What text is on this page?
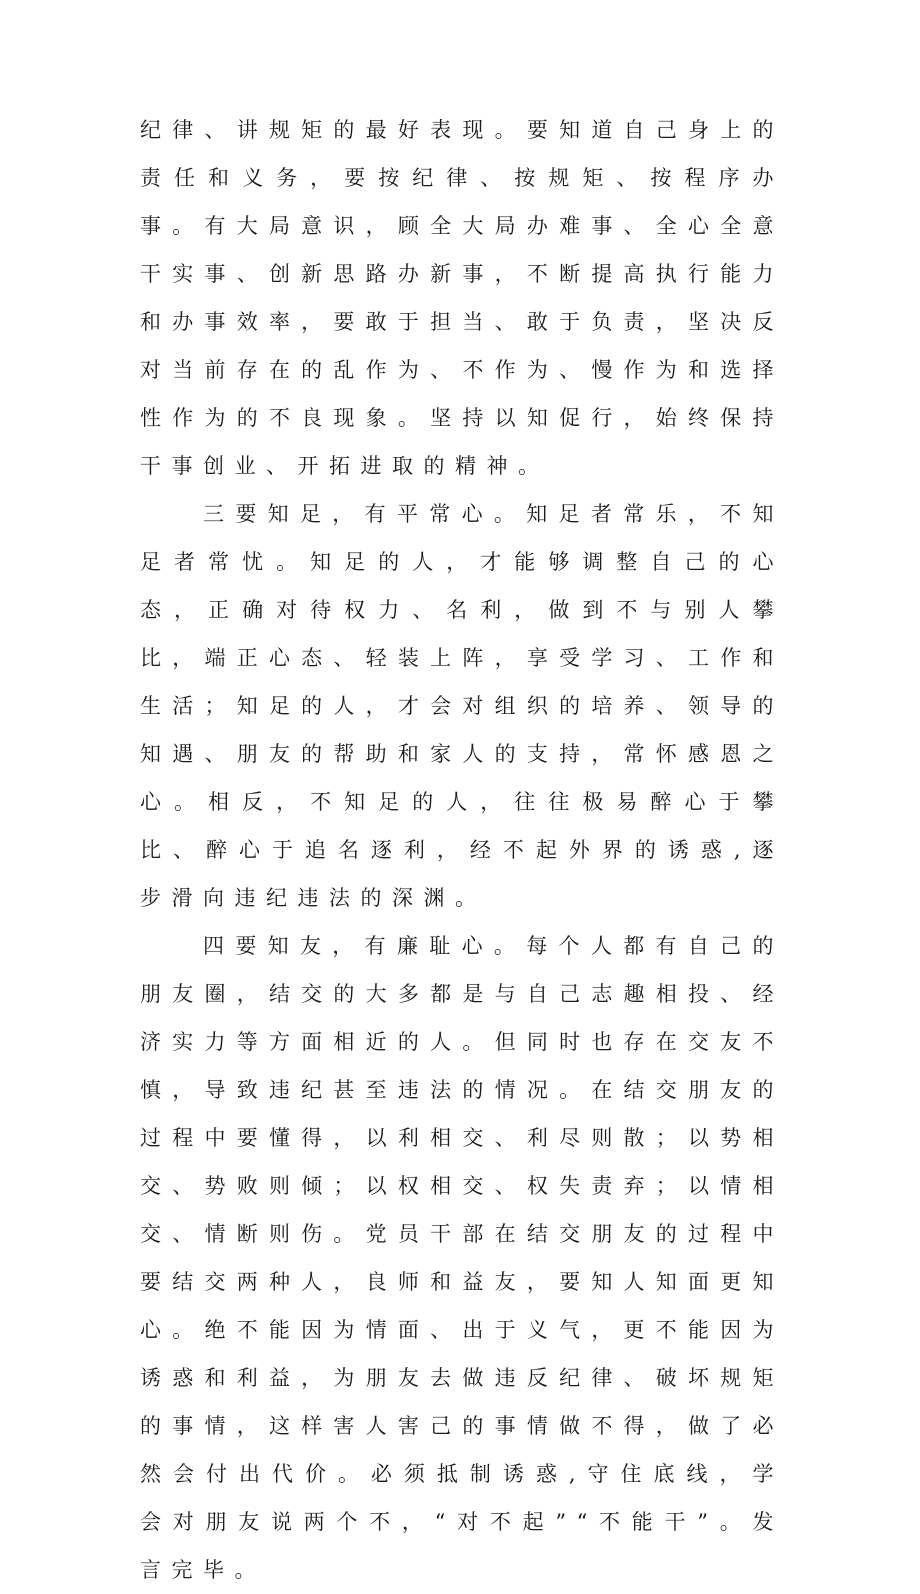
纪律、讲规矩的最好表现。要知道自己身上的责任和义务，要按纪律、按规矩、按程序办事。有大局意识，顾全大局办难事、全心全意干实事、创新思路办新事，不断提高执行能力和办事效率，要敢于担当、敢于负责，坚决反对当前存在的乱作为、不作为、慢作为和选择性作为的不良现象。坚持以知促行，始终保持干事创业、开拓进取的精神。

三要知足，有平常心。知足者常乐，不知足者常忧。知足的人，才能够调整自己的心态，正确对待权力、名利，做到不与别人攀比，端正心态、轻装上阵，享受学习、工作和生活；知足的人，才会对组织的培养、领导的知遇、朋友的帮助和家人的支持，常怀感恩之心。相反，不知足的人，往往极易醉心于攀比、醉心于追名逐利，经不起外界的诱惑,逐步滑向违纪违法的深渊。

四要知友，有廉耻心。每个人都有自己的朋友圈，结交的大多都是与自己志趣相投、经济实力等方面相近的人。但同时也存在交友不慎，导致违纪甚至违法的情况。在结交朋友的过程中要懂得，以利相交、利尽则散；以势相交、势败则倾；以权相交、权失责弃；以情相交、情断则伤。党员干部在结交朋友的过程中要结交两种人，良师和益友，要知人知面更知心。绝不能因为情面、出于义气，更不能因为诱惑和利益，为朋友去做违反纪律、破坏规矩的事情，这样害人害己的事情做不得，做了必然会付出代价。必须抵制诱惑,守住底线，学会对朋友说两个不，“对不起”“不能干”。发言完毕。
